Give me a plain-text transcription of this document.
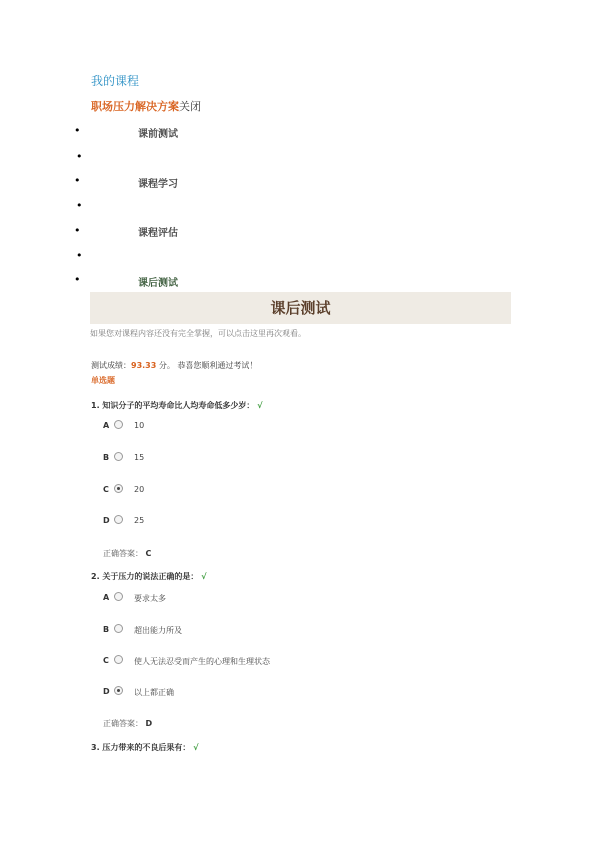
我的课程
职场压力解决方案关闭
•	课前测试
•
•	课程学习
•
•	课程评估
•
•	课后测试
课后测试
如果您对课程内容还没有完全掌握，可以点击这里再次观看。
测试成绩：93.33 分。 恭喜您顺利通过考试！
单选题
1. 知识分子的平均寿命比人均寿命低多少岁： √
A	10
B	15
C	20
D	25
正确答案： C
2. 关于压力的说法正确的是： √
A	要求太多
B	超出能力所及
C	使人无法忍受而产生的心理和生理状态
D	以上都正确
正确答案： D
3. 压力带来的不良后果有： √
